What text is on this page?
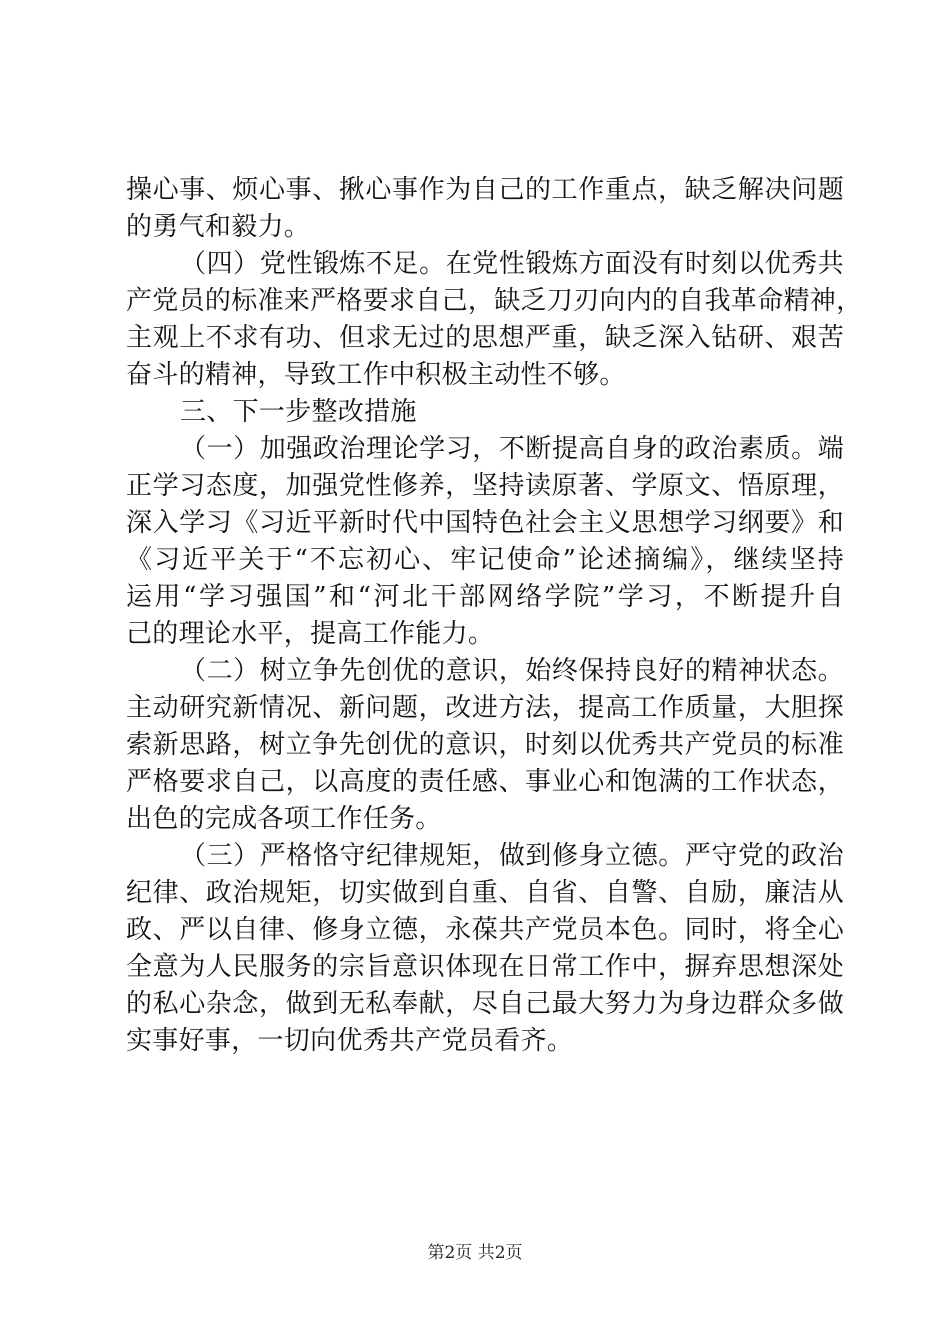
操心事、烦心事、揪心事作为自己的工作重点，缺乏解决问题
的勇气和毅力。
（四）党性锻炼不足。在党性锻炼方面没有时刻以优秀共
产党员的标准来严格要求自己，缺乏刀刃向内的自我革命精神，
主观上不求有功、但求无过的思想严重，缺乏深入钻研、艰苦
奋斗的精神，导致工作中积极主动性不够。
三、下一步整改措施
（一）加强政治理论学习，不断提高自身的政治素质。端
正学习态度，加强党性修养，坚持读原著、学原文、悟原理，
深入学习《习近平新时代中国特色社会主义思想学习纲要》和
《习近平关于“不忘初心、牢记使命”论述摘编》，继续坚持
运用“学习强国”和“河北干部网络学院”学习，不断提升自
己的理论水平，提高工作能力。
（二）树立争先创优的意识，始终保持良好的精神状态。
主动研究新情况、新问题，改进方法，提高工作质量，大胆探
索新思路，树立争先创优的意识，时刻以优秀共产党员的标准
严格要求自己，以高度的责任感、事业心和饱满的工作状态，
出色的完成各项工作任务。
（三）严格恪守纪律规矩，做到修身立德。严守党的政治
纪律、政治规矩，切实做到自重、自省、自警、自励，廉洁从
政、严以自律、修身立德，永葆共产党员本色。同时，将全心
全意为人民服务的宗旨意识体现在日常工作中，摒弃思想深处
的私心杂念，做到无私奉献，尽自己最大努力为身边群众多做
实事好事，一切向优秀共产党员看齐。
第2页 共2页
